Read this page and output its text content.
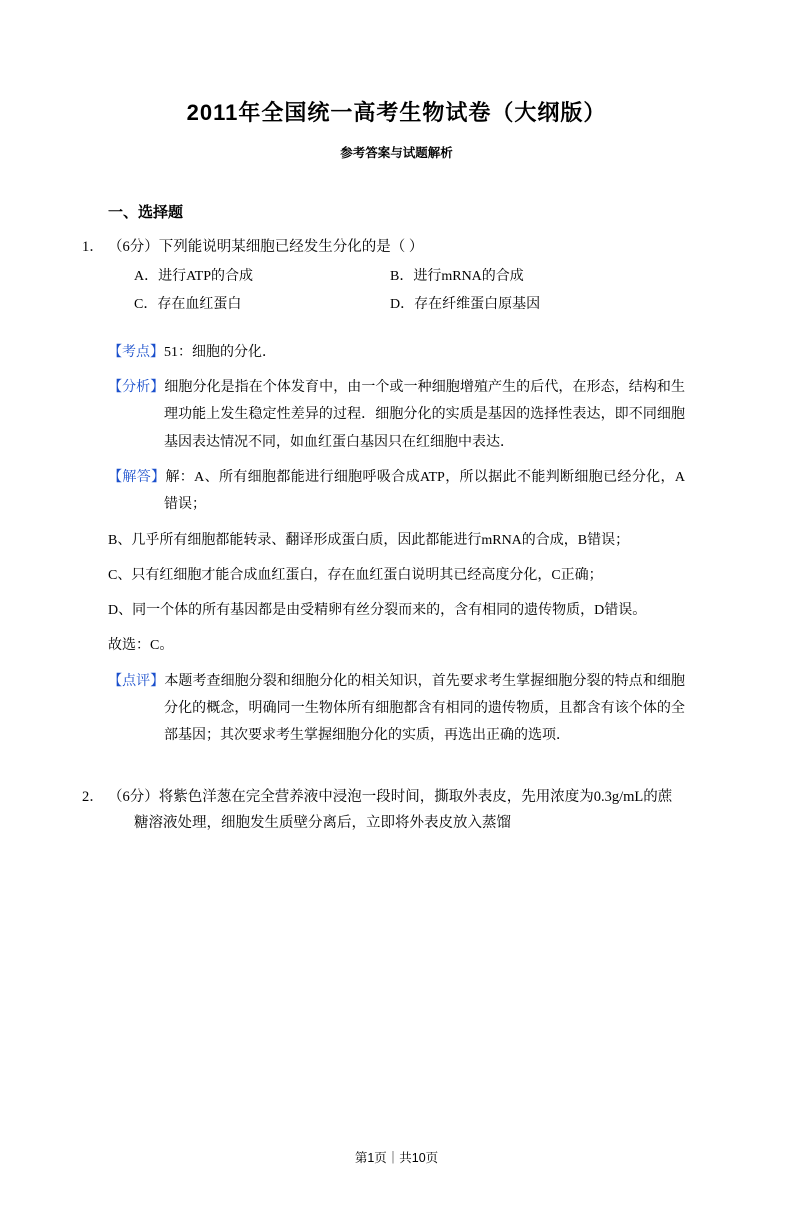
2011年全国统一高考生物试卷（大纲版）
参考答案与试题解析
一、选择题
1． （6分）下列能说明某细胞已经发生分化的是（ ）
A．进行ATP的合成	B．进行mRNA的合成
C．存在血红蛋白	D．存在纤维蛋白原基因
【考点】51：细胞的分化．
【分析】细胞分化是指在个体发育中，由一个或一种细胞增殖产生的后代，在形态，结构和生理功能上发生稳定性差异的过程．细胞分化的实质是基因的选择性表达，即不同细胞基因表达情况不同，如血红蛋白基因只在红细胞中表达．
【解答】解：A、所有细胞都能进行细胞呼吸合成ATP，所以据此不能判断细胞已经分化，A错误；
B、几乎所有细胞都能转录、翻译形成蛋白质，因此都能进行mRNA的合成，B错误；
C、只有红细胞才能合成血红蛋白，存在血红蛋白说明其已经高度分化，C正确；
D、同一个体的所有基因都是由受精卵有丝分裂而来的，含有相同的遗传物质，D错误。
故选：C。
【点评】本题考查细胞分裂和细胞分化的相关知识，首先要求考生掌握细胞分裂的特点和细胞分化的概念，明确同一生物体所有细胞都含有相同的遗传物质，且都含有该个体的全部基因；其次要求考生掌握细胞分化的实质，再选出正确的选项．
2． （6分）将紫色洋葱在完全营养液中浸泡一段时间，撕取外表皮，先用浓度为0.3g/mL的蔗糖溶液处理，细胞发生质壁分离后，立即将外表皮放入蒸馏
第1页｜共10页
